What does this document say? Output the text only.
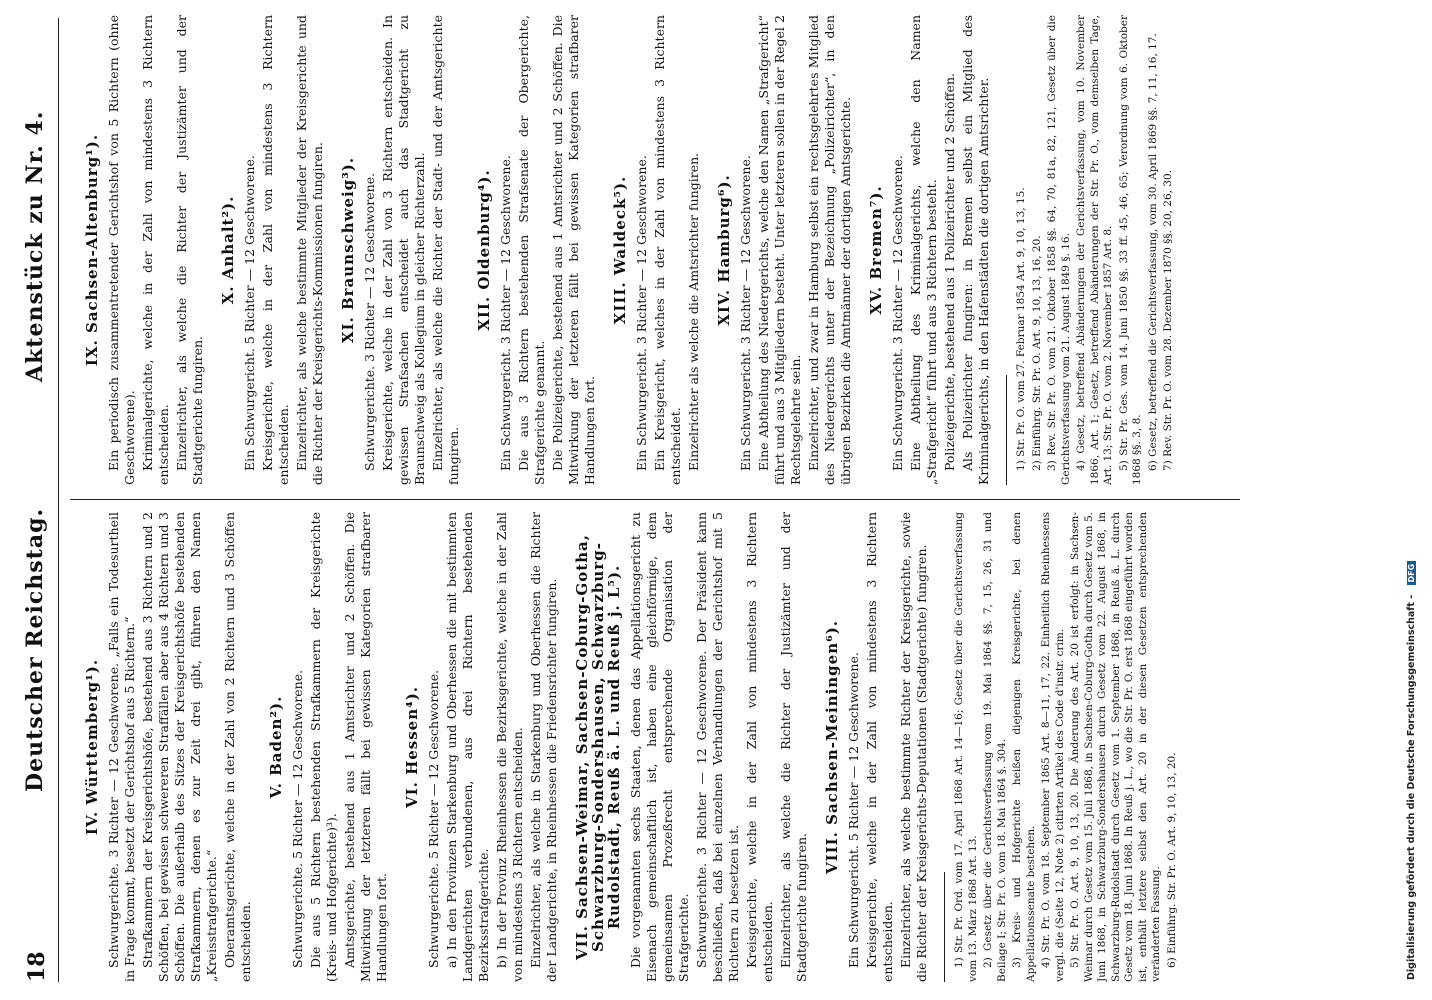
18
Deutscher Reichstag.
Aktenstück zu Nr. 4.
IV. Württemberg¹). Schwurgerichte. 3 Richter — 12 Geschworene. „Falls ein Todesurtheil in Frage kommt, besetzt der Gerichtshof aus 5 Richtern.“ Strafkammern der Kreisgerichtshöfe, bestehend aus 3 Richtern und 2 Schöffen, bei gewissen schwereren Straffällen aber aus 4 Richtern und 3 Schöffen. Die außerhalb des Sitzes der Kreisgerichtshöfe bestehenden Strafkammern, denen es zur Zeit drei gibt, führen den Namen „Kreisstrafgerichte.“ Oberamtsgerichte, welche in der Zahl von 2 Richtern und 3 Schöffen entscheiden.

V. Baden²). Schwurgerichte. 5 Richter — 12 Geschworene. Die aus 5 Richtern bestehenden Strafkammern der Kreisgerichte (Kreis- und Hofgerichte)³). Amtsgerichte, bestehend aus 1 Amtsrichter und 2 Schöffen. Die Mitwirkung der letzteren fällt bei gewissen Kategorien strafbarer Handlungen fort.

VI. Hessen⁴). Schwurgerichte. 5 Richter — 12 Geschworene. a) In den Provinzen Starkenburg und Oberhessen die mit bestimmten Landgerichten verbundenen, aus drei Richtern bestehenden Bezirksstrafgerichte. b) In der Provinz Rheinhessen die Bezirksgerichte, welche in der Zahl von mindestens 3 Richtern entscheiden. Einzelrichter, als welche in Starkenburg und Oberhessen die Richter der Landgerichte, in Rheinhessen die Friedensrichter fungiren. VII. Sachsen-Weimar, Sachsen-Coburg-Gotha, Schwarzburg-Sondershausen, Schwarzburg-Rudolstadt, Reuß ä. L. und Reuß j. L⁵). Die vorgenannten sechs Staaten, denen das Appellationsgericht zu Eisenach gemeinschaftlich ist, haben eine gleichförmige, dem gemeinsamen Prozeßrecht entsprechende Organisation der Strafgerichte. Schwurgerichte. 3 Richter — 12 Geschworene. Der Präsident kann beschließen, daß bei einzelnen Verhandlungen der Gerichtshof mit 5 Richtern zu besetzen ist. Kreisgerichte, welche in der Zahl von mindestens 3 Richtern entscheiden. Einzelrichter, als welche die Richter der Justizämter und der Stadtgerichte fungiren.

VIII. Sachsen-Meiningen⁶). Ein Schwurgericht. 5 Richter — 12 Geschworene. Kreisgerichte, welche in der Zahl von mindestens 3 Richtern entscheiden. Einzelrichter, als welche bestimmte Richter der Kreisgerichte, sowie die Richter der Kreisgerichts-Deputationen (Stadtgerichte) fungiren. 1) Str. Pr. Ord. vom 17. April 1868 Art. 14—16; Gesetz über die Gerichtsverfassung vom 13. März 1868 Art. 13. 2) Gesetz über die Gerichtsverfassung vom 19. Mai 1864 §§. 7, 15, 26, 31 und Beilage I; Str. Pr. O. vom 18. Mai 1864 §. 304. 3) Kreis- und Hofgerichte heißen diejenigen Kreisgerichte, bei denen Appellationssenate bestehen. 4) Str. Pr. O. vom 18. September 1865 Art. 8—11, 17, 22. Einheitlich Rheinhessens vergl. die (Seite 12, Note 2) citirten Artikel des Code d'instr. crim. 5) Str. Pr. O. Art. 9, 10, 13, 20. Die Änderung des Art. 20 ist erfolgt: in Sachsen-Weimar durch Gesetz vom 15. Juli 1868, in Sachsen-Coburg-Gotha durch Gesetz vom 5. Juni 1868, in Schwarzburg-Sondershausen durch Gesetz vom 22. August 1868, in Schwarzburg-Rudolstadt durch Gesetz vom 1. September 1868, in Reuß ä. L. durch Gesetz vom 18. Juni 1868. In Reuß j. L., wo die Str. Pr. O. erst 1868 eingeführt worden ist, enthält letztere selbst den Art. 20 in der diesen Gesetzen entsprechenden veränderten Fassung. 6) Einführg. Str. Pr. O. Art. 9, 10, 13, 20.

IX. Sachsen-Altenburg¹). Ein periodisch zusammentretender Gerichtshof von 5 Richtern (ohne Geschworene). Kriminalgerichte, welche in der Zahl von mindestens 3 Richtern entscheiden. Einzelrichter, als welche die Richter der Justizämter und der Stadtgerichte fungiren.

X. Anhalt²). Ein Schwurgericht. 5 Richter — 12 Geschworene. Kreisgerichte, welche in der Zahl von mindestens 3 Richtern entscheiden. Einzelrichter, als welche bestimmte Mitglieder der Kreisgerichte und die Richter der Kreisgerichts-Kommissionen fungiren. XI. Braunschweig³). Schwurgerichte. 3 Richter — 12 Geschworene. Kreisgerichte, welche in der Zahl von 3 Richtern entscheiden. In gewissen Strafsachen entscheidet auch das Stadtgericht zu Braunschweig als Kollegium in gleicher Richterzahl. Einzelrichter, als welche die Richter der Stadt- und der Amtsgerichte fungiren.

XII. Oldenburg⁴). Ein Schwurgericht. 3 Richter — 12 Geschworene. Die aus 3 Richtern bestehenden Strafsenate der Obergerichte, Strafgerichte genannt. Die Polizeigerichte, bestehend aus 1 Amtsrichter und 2 Schöffen. Die Mitwirkung der letzteren fällt bei gewissen Kategorien strafbarer Handlungen fort.

XIII. Waldeck⁵). Ein Schwurgericht. 3 Richter — 12 Geschworene. Ein Kreisgericht, welches in der Zahl von mindestens 3 Richtern entscheidet. Einzelrichter als welche die Amtsrichter fungiren. XIV. Hamburg⁶). Ein Schwurgericht. 3 Richter — 12 Geschworene. Eine Abtheilung des Niedergerichts, welche den Namen „Strafgericht“ führt und aus 3 Mitgliedern besteht. Unter letzteren sollen in der Regel 2 Rechtsgelehrte sein. Einzelrichter, und zwar in Hamburg selbst ein rechtsgelehrtes Mitglied des Niedergerichts unter der Bezeichnung „Polizeirichter“, in den übrigen Bezirken die Amtmänner der dortigen Amtsgerichte. XV. Bremen⁷). Ein Schwurgericht. 3 Richter — 12 Geschworene. Eine Abtheilung des Kriminalgerichts, welche den Namen „Strafgericht“ führt und aus 3 Richtern besteht. Polizeigerichte, bestehend aus 1 Polizeirichter und 2 Schöffen. Als Polizeirichter fungiren: in Bremen selbst ein Mitglied des Kriminalgerichts, in den Hafenstädten die dortigen Amtsrichter. 1) Str. Pr. O. vom 27. Februar 1854 Art. 9, 10, 13, 15. 2) Einführg. Str. Pr. O. Art. 9, 10, 13, 16, 20. 3) Rev. Str. Pr. O. vom 21. Oktober 1858 §§. 64, 70, 81a, 82, 121, Gesetz über die Gerichtsverfassung vom 21. August 1849 §. 16. 4) Gesetz, betreffend Abänderungen der Gerichtsverfassung, vom 10. November 1866, Art. 1; Gesetz, betreffend Abänderungen der Str. Pr. O., vom demselben Tage, Art. 13; Str. Pr. O. vom 2. November 1857 Art. 8. 5) Str. Pr. Ges. vom 14. Juni 1850 §§. 33 ff. 45, 46, 65; Verordnung vom 6. Oktober 1868 §§. 3, 8. 6) Gesetz, betreffend die Gerichtsverfassung, vom 30. April 1869 §§. 7, 11, 16, 17. 7) Rev. Str. Pr. O. vom 28. Dezember 1870 §§. 20, 26, 30.

Digitalisierung gefördert durch die Deutsche Forschungsgemeinschaft - DFG
